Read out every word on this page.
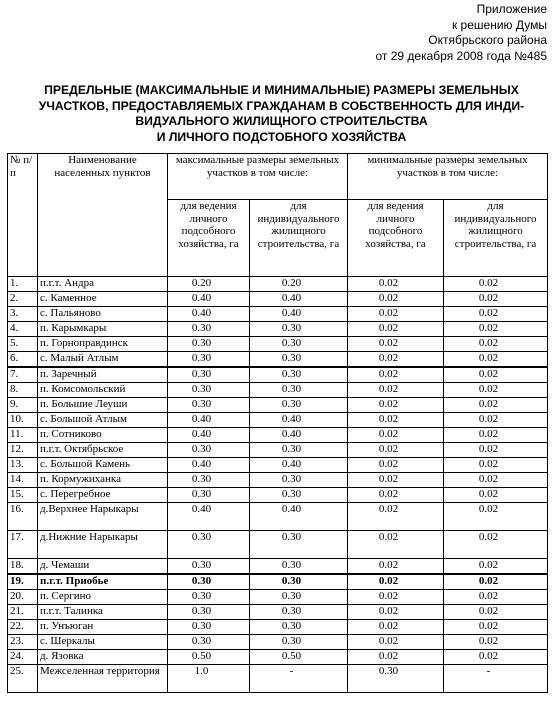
Приложение
к решению Думы
Октябрьского района
от 29 декабря 2008 года №485
ПРЕДЕЛЬНЫЕ (МАКСИМАЛЬНЫЕ И МИНИМАЛЬНЫЕ) РАЗМЕРЫ ЗЕМЕЛЬНЫХ
УЧАСТКОВ, ПРЕДОСТАВЛЯЕМЫХ ГРАЖДАНАМ В СОБСТВЕННОСТЬ ДЛЯ ИНДИ-
ВИДУАЛЬНОГО ЖИЛИЩНОГО СТРОИТЕЛЬСТВА
И ЛИЧНОГО ПОДСТОБНОГО ХОЗЯЙСТВА
№ п/п	Наименование населенных пунктов	максимальные размеры земельных участков в том числе:		минимальные размеры земельных участков в том числе:	
		для ведения личного подсобного хозяйства, га	для индивидуального жилищного строительства, га	для ведения личного подсобного хозяйства, га	для индивидуального жилищного строительства, га
1.	п.г.т. Андра	0.20	0.20	0.02	0.02
2.	с. Каменное	0.40	0.40	0.02	0.02
3.	с. Пальяново	0.40	0.40	0.02	0.02
4.	п. Карымкары	0.30	0.30	0.02	0.02
5.	п. Горноправдинск	0.30	0.30	0.02	0.02
6.	с. Малый Атлым	0.30	0.30	0.02	0.02
7.	п. Заречный	0.30	0.30	0.02	0.02
8.	п. Комсомольский	0.30	0.30	0.02	0.02
9.	п. Большие Леуши	0.30	0.30	0.02	0.02
10.	с. Большой Атлым	0.40	0.40	0.02	0.02
11.	п. Сотниково	0.40	0.40	0.02	0.02
12.	п.г.т. Октябрьское	0.30	0.30	0.02	0.02
13.	с. Большой Камень	0.40	0.40	0.02	0.02
14.	п. Кормужиханка	0.30	0.30	0.02	0.02
15.	с. Перегребное	0.30	0.30	0.02	0.02
16.	д.Верхнее Нарыкары	0.40	0.40	0.02	0.02
17.	д.Нижние Нарыкары	0.30	0.30	0.02	0.02
18.	д. Чемаши	0.30	0.30	0.02	0.02
19.	п.г.т. Приобье	0.30	0.30	0.02	0.02
20.	п. Сергино	0.30	0.30	0.02	0.02
21.	п.г.т. Талинка	0.30	0.30	0.02	0.02
22.	п. Унъюган	0.30	0.30	0.02	0.02
23.	с. Шеркалы	0.30	0.30	0.02	0.02
24.	д. Язовка	0.50	0.50	0.02	0.02
25.	Межселенная территория	1.0	-	0.30	-
